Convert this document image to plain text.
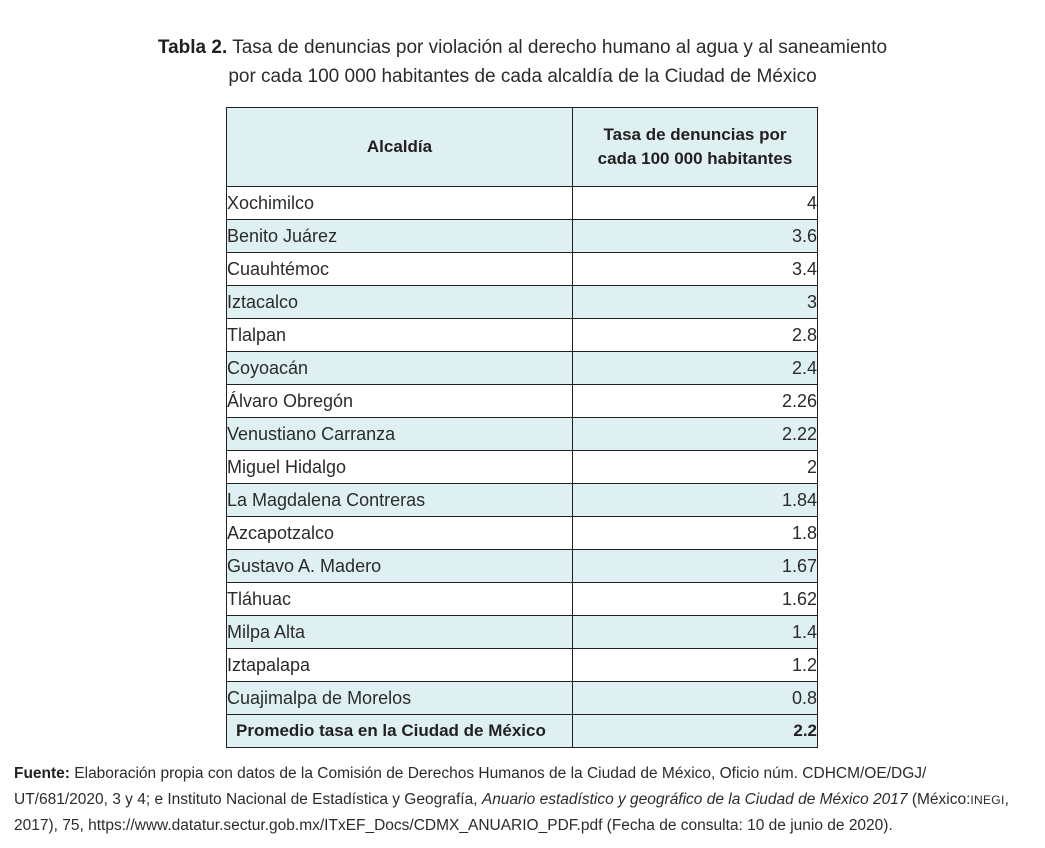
Tabla 2. Tasa de denuncias por violación al derecho humano al agua y al saneamiento
por cada 100 000 habitantes de cada alcaldía de la Ciudad de México
Alcaldía	Tasa de denuncias por
cada 100 000 habitantes
Xochimilco	4
Benito Juárez	3.6
Cuauhtémoc	3.4
Iztacalco	3
Tlalpan	2.8
Coyoacán	2.4
Álvaro Obregón	2.26
Venustiano Carranza	2.22
Miguel Hidalgo	2
La Magdalena Contreras	1.84
Azcapotzalco	1.8
Gustavo A. Madero	1.67
Tláhuac	1.62
Milpa Alta	1.4
Iztapalapa	1.2
Cuajimalpa de Morelos	0.8
Promedio tasa en la Ciudad de México	2.2
Fuente: Elaboración propia con datos de la Comisión de Derechos Humanos de la Ciudad de México, Oficio núm. CDHCM/OE/DGJ/
UT/681/2020, 3 y 4; e Instituto Nacional de Estadística y Geografía, Anuario estadístico y geográfico de la Ciudad de México 2017 (México:INEGI, 2017), 75, https://www.datatur.sectur.gob.mx/ITxEF_Docs/CDMX_ANUARIO_PDF.pdf (Fecha de consulta: 10 de junio de 2020).
